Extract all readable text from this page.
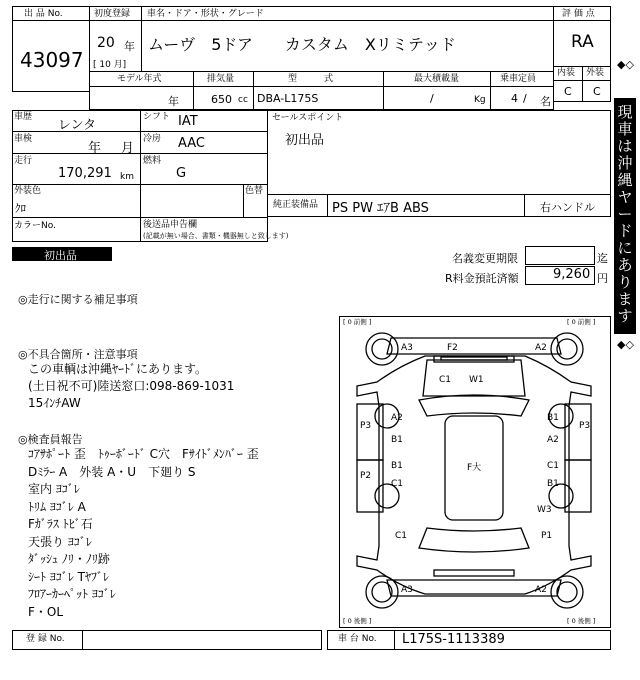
出 品 No.
43097
初度登録 車名・ドア・形状・グレード
20 年
[ 10 月]
ムーヴ　5ドア　　カスタム　Xリミテッド
評 価 点
RA
内装 外装
C C
モデル年式
年
排気量
650 cc
型　　　式
DBA-L175S
最大積載量
/	Kg
乗車定員
4 / 名
車歴
レンタ
シフト IAT
車検
年 月
冷房 AAC
走行
170,291 km
燃料
G
外装色
ｸﾛ
色替
カラーNo.	後送品申告欄
(記載が無い場合、書類・機器無しと致します)
セールスポイント
初出品
純正装備品 PS PW ｴｱB ABS	右ハンドル
初出品	名義変更期限	迄
R料金預託済額	9,260 円
◎走行に関する補足事項
◎不具合箇所・注意事項
この車輌は沖縄ﾔｰﾄﾞにあります。
(土日祝不可)陸送窓口:098-869-1031
15ｲﾝﾁAW
◎検査員報告
ｺｱｻﾎﾟｰﾄ 歪　ﾄｩｰﾎﾞｰﾄﾞ C穴　Fｻｲﾄﾞﾒﾝﾊﾞｰ 歪
Dﾐﾗｰ A　外装 A・U　下廻り S
室内 ﾖｺﾞﾚ
ﾄﾘﾑ ﾖｺﾞﾚ A
Fｶﾞﾗｽ ﾄﾋﾞ石
天張り ﾖｺﾞﾚ
ﾀﾞｯｼｭ ﾉﾘ・ﾉﾘ跡
ｼｰﾄ ﾖｺﾞﾚ Tﾔﾌﾞﾚ
ﾌﾛｱｰｶｰﾍﾟｯﾄ ﾖｺﾞﾚ
F・OL
[ 0 前側 ]	[ 0 前側 ]
[ 0 後側 ]	[ 0 後側 ]
A3	F2	A2
C1 W1
P3
A2
B1
P2
B1
C1
C1
P3
B1
A2
C1
B1
W3
P1
F大
A3	A2
登 録 No.	車 台 No. L175S-1113389
◆◇
現車は沖縄ヤードにあります
◆◇
